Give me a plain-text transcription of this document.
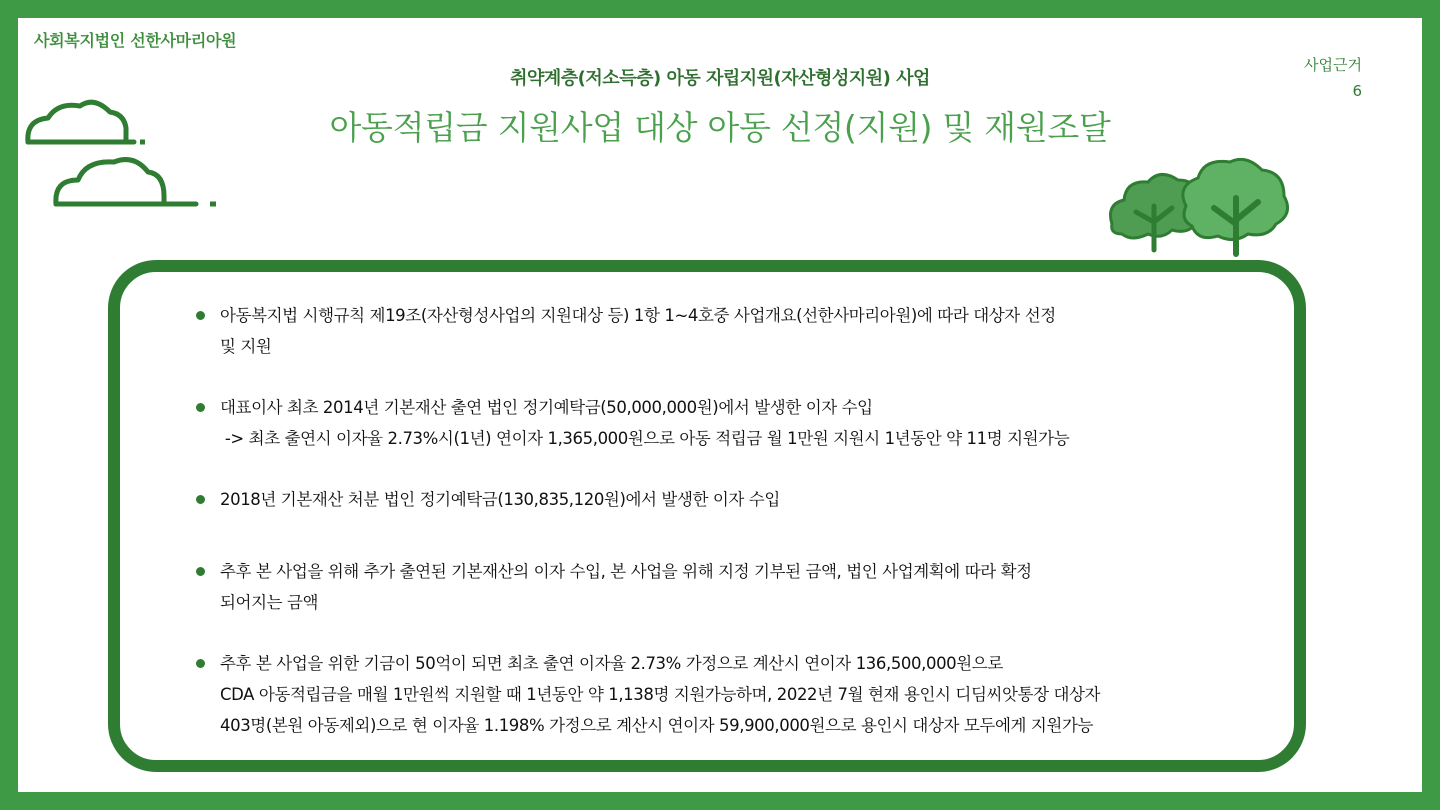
사회복지법인 선한사마리아원
사업근거
6
취약계층(저소득층) 아동 자립지원(자산형성지원) 사업
아동적립금 지원사업 대상 아동 선정(지원) 및 재원조달
아동복지법 시행규칙 제19조(자산형성사업의 지원대상 등) 1항 1~4호중 사업개요(선한사마리아원)에 따라 대상자 선정
및 지원
대표이사 최초 2014년 기본재산 출연 법인 정기예탁금(50,000,000원)에서 발생한 이자 수입
-> 최초 출연시 이자율 2.73%시(1년) 연이자 1,365,000원으로 아동 적립금 월 1만원 지원시 1년동안 약 11명 지원가능
2018년 기본재산 처분 법인 정기예탁금(130,835,120원)에서 발생한 이자 수입
추후 본 사업을 위해 추가 출연된 기본재산의 이자 수입, 본 사업을 위해 지정 기부된 금액, 법인 사업계획에 따라 확정
되어지는 금액
추후 본 사업을 위한 기금이 50억이 되면 최초 출연 이자율 2.73% 가정으로 계산시 연이자 136,500,000원으로
CDA 아동적립금을 매월 1만원씩 지원할 때 1년동안 약 1,138명 지원가능하며, 2022년 7월 현재 용인시 디딤씨앗통장 대상자
403명(본원 아동제외)으로 현 이자율 1.198% 가정으로 계산시 연이자 59,900,000원으로 용인시 대상자 모두에게 지원가능
